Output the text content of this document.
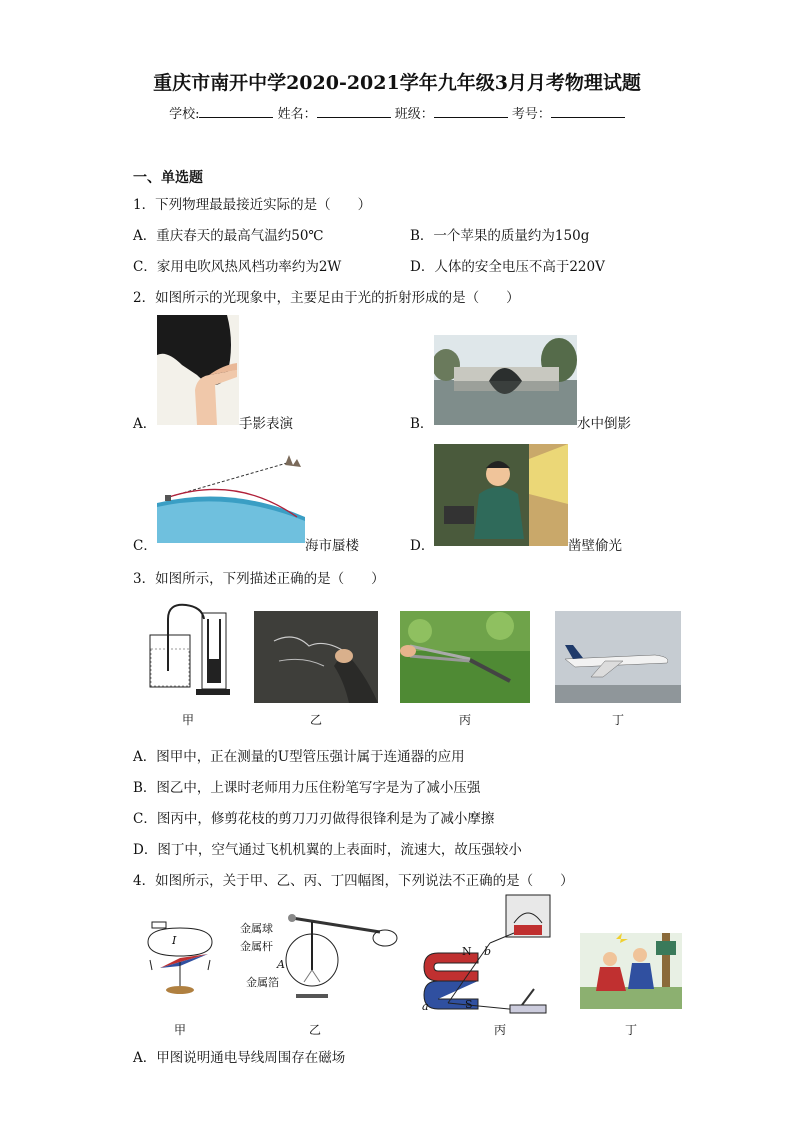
重庆市南开中学2020-2021学年九年级3月月考物理试题
学校:	姓名：	班级：	考号：
一、单选题
1．下列物理最最接近实际的是（　　）
A．重庆春天的最高气温约50℃	B．一个苹果的质量约为150g
C．家用电吹风热风档功率约为2W	D．人体的安全电压不高于220V
2．如图所示的光现象中，主要足由于光的折射形成的是（　　）
A．	手影表演	B．	水中倒影
C．	海市蜃楼	D．	凿壁偷光
3．如图所示，下列描述正确的是（　　）
甲	乙	丙	丁
A．图甲中，正在测量的U型管压强计属于连通器的应用
B．图乙中，上课时老师用力压住粉笔写字是为了减小压强
C．图丙中，修剪花枝的剪刀刀刃做得很锋利是为了减小摩擦
D．图丁中，空气通过飞机机翼的上表面时，流速大，故压强较小
4．如图所示，关于甲、乙、丙、丁四幅图，下列说法不正确的是（　　）
I
甲
金属球
金属杆
A
金属箔
乙
N
S
a
b
丙	丁
A．甲图说明通电导线周围存在磁场
